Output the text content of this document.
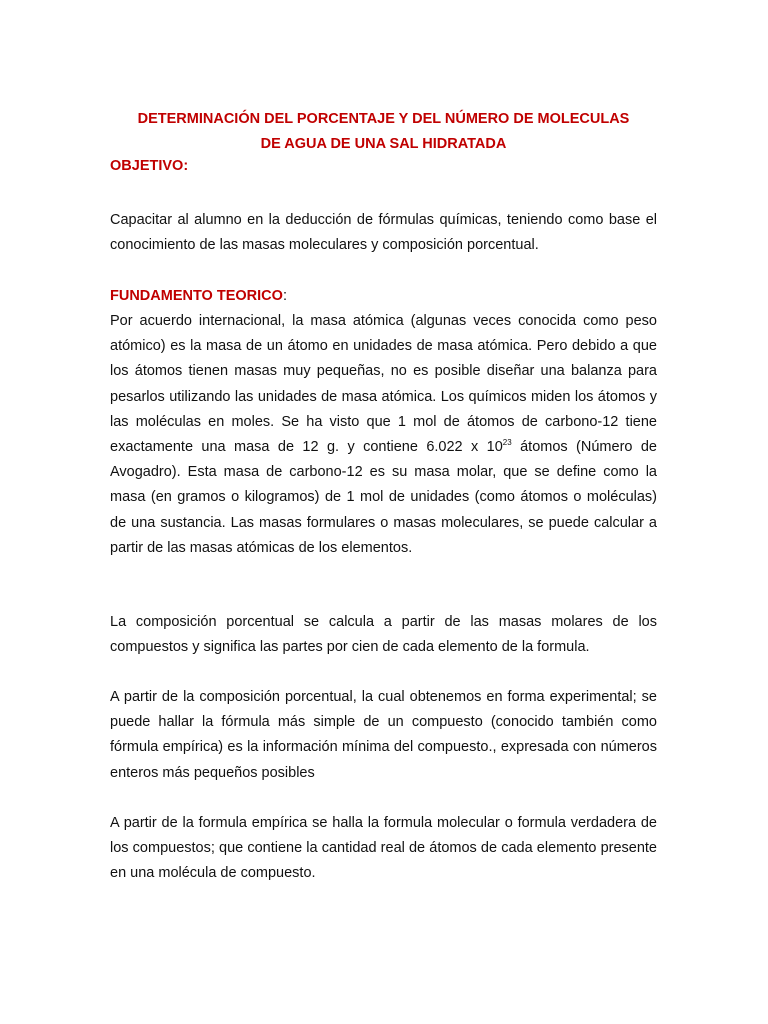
DETERMINACIÓN DEL PORCENTAJE Y DEL NÚMERO DE MOLECULAS
DE AGUA DE UNA SAL HIDRATADA
OBJETIVO:

Capacitar al alumno en la deducción de fórmulas químicas, teniendo como base el conocimiento de las masas moleculares y composición porcentual.

FUNDAMENTO TEORICO:

Por acuerdo internacional, la masa atómica (algunas veces conocida como peso atómico) es la masa de un átomo en unidades de masa atómica. Pero debido a que los átomos tienen masas muy pequeñas, no es posible diseñar una balanza para pesarlos utilizando las unidades de masa atómica. Los químicos miden los átomos y las moléculas en moles. Se ha visto que 1 mol de átomos de carbono-12 tiene exactamente una masa de 12 g. y contiene 6.022 x $10^{23}$ átomos (Número de Avogadro). Esta masa de carbono-12 es su masa molar, que se define como la masa (en gramos o kilogramos) de 1 mol de unidades (como átomos o moléculas) de una sustancia. Las masas formulares o masas moleculares, se puede calcular a partir de las masas atómicas de los elementos.

La composición porcentual se calcula a partir de las masas molares de los compuestos y significa las partes por cien de cada elemento de la formula.

A partir de la composición porcentual, la cual obtenemos en forma experimental; se puede hallar la fórmula más simple de un compuesto (conocido también como fórmula empírica) es la información mínima del compuesto., expresada con números enteros más pequeños posibles

A partir de la formula empírica se halla la formula molecular o formula verdadera de los compuestos; que contiene la cantidad real de átomos de cada elemento presente en una molécula de compuesto.
